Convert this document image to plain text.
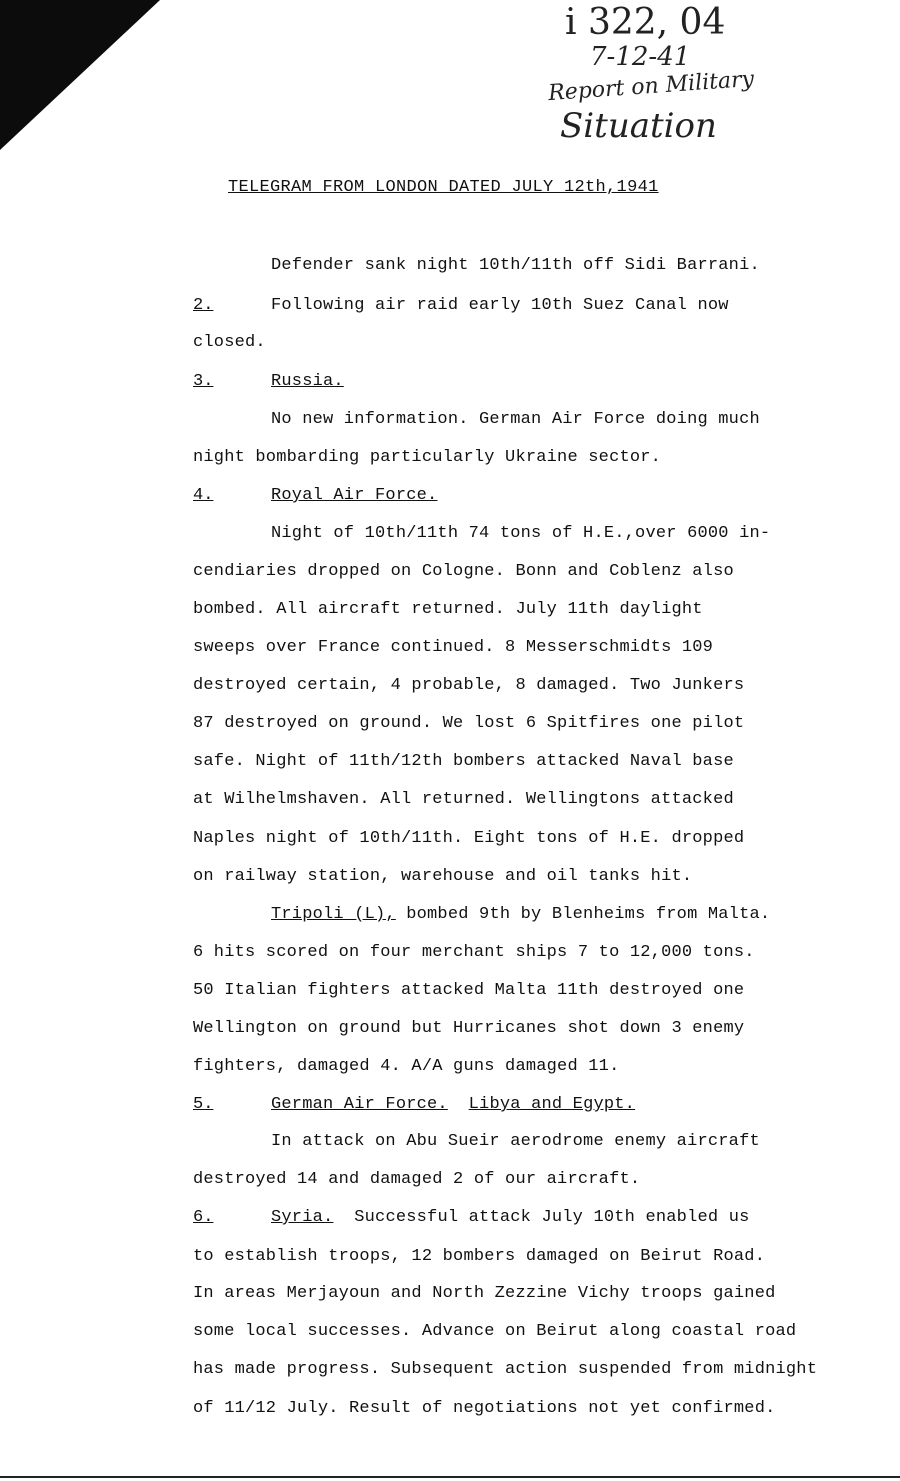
i 322, 04
7-12-41
Report on Military
Situation
TELEGRAM FROM LONDON DATED JULY 12th,1941
Defender sank night 10th/11th off Sidi Barrani.
2.	Following air raid early 10th Suez Canal now
closed.
3.	Russia.
No new information. German Air Force doing much
night bombarding particularly Ukraine sector.
4.	Royal Air Force.
Night of 10th/11th 74 tons of H.E.,over 6000 in-
cendiaries dropped on Cologne. Bonn and Coblenz also
bombed. All aircraft returned. July 11th daylight
sweeps over France continued. 8 Messerschmidts 109
destroyed certain, 4 probable, 8 damaged. Two Junkers
87 destroyed on ground. We lost 6 Spitfires one pilot
safe. Night of 11th/12th bombers attacked Naval base
at Wilhelmshaven. All returned. Wellingtons attacked
Naples night of 10th/11th. Eight tons of H.E. dropped
on railway station, warehouse and oil tanks hit.
Tripoli (L), bombed 9th by Blenheims from Malta.
6 hits scored on four merchant ships 7 to 12,000 tons.
50 Italian fighters attacked Malta 11th destroyed one
Wellington on ground but Hurricanes shot down 3 enemy
fighters, damaged 4. A/A guns damaged 11.
5.	German Air Force. Libya and Egypt.
In attack on Abu Sueir aerodrome enemy aircraft
destroyed 14 and damaged 2 of our aircraft.
6.	Syria. Successful attack July 10th enabled us
to establish troops, 12 bombers damaged on Beirut Road.
In areas Merjayoun and North Zezzine Vichy troops gained
some local successes. Advance on Beirut along coastal road
has made progress. Subsequent action suspended from midnight
of 11/12 July. Result of negotiations not yet confirmed.
